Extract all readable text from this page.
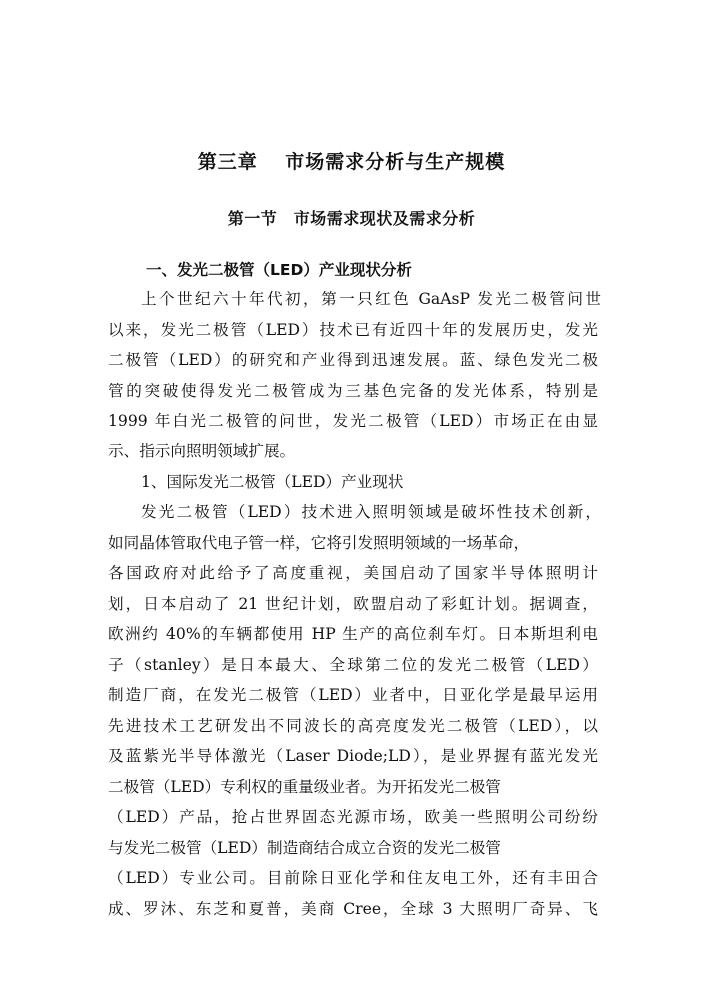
第三章　 市场需求分析与生产规模
第一节　市场需求现状及需求分析
一、发光二极管（LED）产业现状分析
上个世纪六十年代初，第一只红色 GaAsP 发光二极管问世
以来，发光二极管（LED）技术已有近四十年的发展历史，发光
二极管（LED）的研究和产业得到迅速发展。蓝、绿色发光二极
管的突破使得发光二极管成为三基色完备的发光体系，特别是
1999 年白光二极管的问世，发光二极管（LED）市场正在由显
示、指示向照明领域扩展。
1、国际发光二极管（LED）产业现状
发光二极管（LED）技术进入照明领域是破坏性技术创新，
如同晶体管取代电子管一样，它将引发照明领域的一场革命，
各国政府对此给予了高度重视，美国启动了国家半导体照明计
划，日本启动了 21 世纪计划，欧盟启动了彩虹计划。据调查，
欧洲约 40%的车辆都使用 HP 生产的高位刹车灯。日本斯坦利电
子（stanley）是日本最大、全球第二位的发光二极管（LED）
制造厂商，在发光二极管（LED）业者中，日亚化学是最早运用
先进技术工艺研发出不同波长的高亮度发光二极管（LED），以
及蓝紫光半导体激光（Laser Diode;LD），是业界握有蓝光发光
二极管（LED）专利权的重量级业者。为开拓发光二极管
（LED）产品，抢占世界固态光源市场，欧美一些照明公司纷纷
与发光二极管（LED）制造商结合成立合资的发光二极管
（LED）专业公司。目前除日亚化学和住友电工外，还有丰田合
成、罗沐、东芝和夏普，美商 Cree，全球 3 大照明厂奇异、飞
